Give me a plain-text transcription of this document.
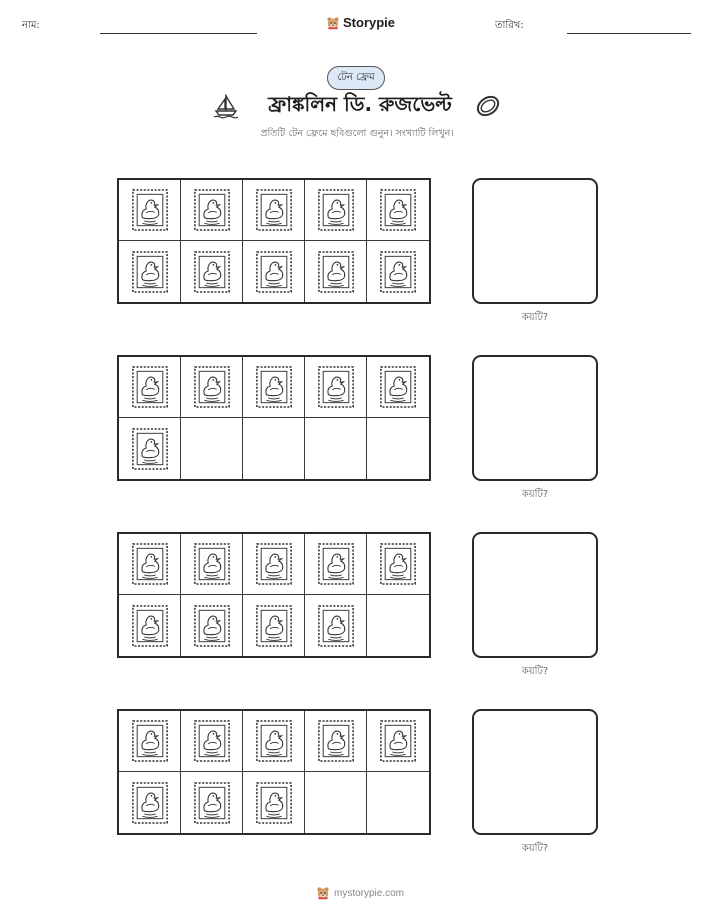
নাম:	Storypie	তারিখ:
টেন ফ্রেম
ফ্রাঙ্কলিন ডি. রুজভেল্ট
প্রতিটি টেন ফ্রেমে ছবিগুলো গুনুন। সংখ্যাটি লিখুন।
কয়টি?
কয়টি?
কয়টি?
কয়টি?
mystorypie.com
